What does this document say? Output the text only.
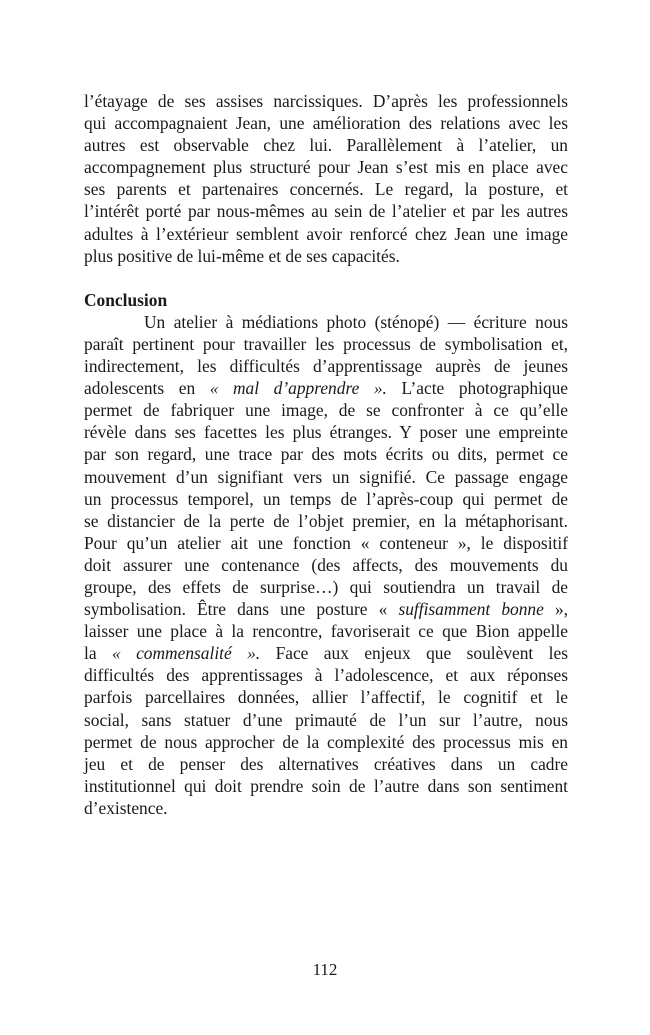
l’étayage de ses assises narcissiques. D’après les professionnels
qui accompagnaient Jean, une amélioration des relations avec les
autres est observable chez lui. Parallèlement à l’atelier, un
accompagnement plus structuré pour Jean s’est mis en place avec
ses parents et partenaires concernés. Le regard, la posture, et
l’intérêt porté par nous-mêmes au sein de l’atelier et par les autres
adultes à l’extérieur semblent avoir renforcé chez Jean une image
plus positive de lui-même et de ses capacités.
Conclusion
Un atelier à médiations photo (sténopé) — écriture nous
paraît pertinent pour travailler les processus de symbolisation et,
indirectement, les difficultés d’apprentissage auprès de jeunes
adolescents en « mal d’apprendre ». L’acte photographique
permet de fabriquer une image, de se confronter à ce qu’elle
révèle dans ses facettes les plus étranges. Y poser une empreinte
par son regard, une trace par des mots écrits ou dits, permet ce
mouvement d’un signifiant vers un signifié. Ce passage engage
un processus temporel, un temps de l’après-coup qui permet de
se distancier de la perte de l’objet premier, en la métaphorisant.
Pour qu’un atelier ait une fonction « conteneur », le dispositif
doit assurer une contenance (des affects, des mouvements du
groupe, des effets de surprise…) qui soutiendra un travail de
symbolisation. Être dans une posture « suffisamment bonne »,
laisser une place à la rencontre, favoriserait ce que Bion appelle
la « commensalité ». Face aux enjeux que soulèvent les
difficultés des apprentissages à l’adolescence, et aux réponses
parfois parcellaires données, allier l’affectif, le cognitif et le
social, sans statuer d’une primauté de l’un sur l’autre, nous
permet de nous approcher de la complexité des processus mis en
jeu et de penser des alternatives créatives dans un cadre
institutionnel qui doit prendre soin de l’autre dans son sentiment
d’existence.
112
